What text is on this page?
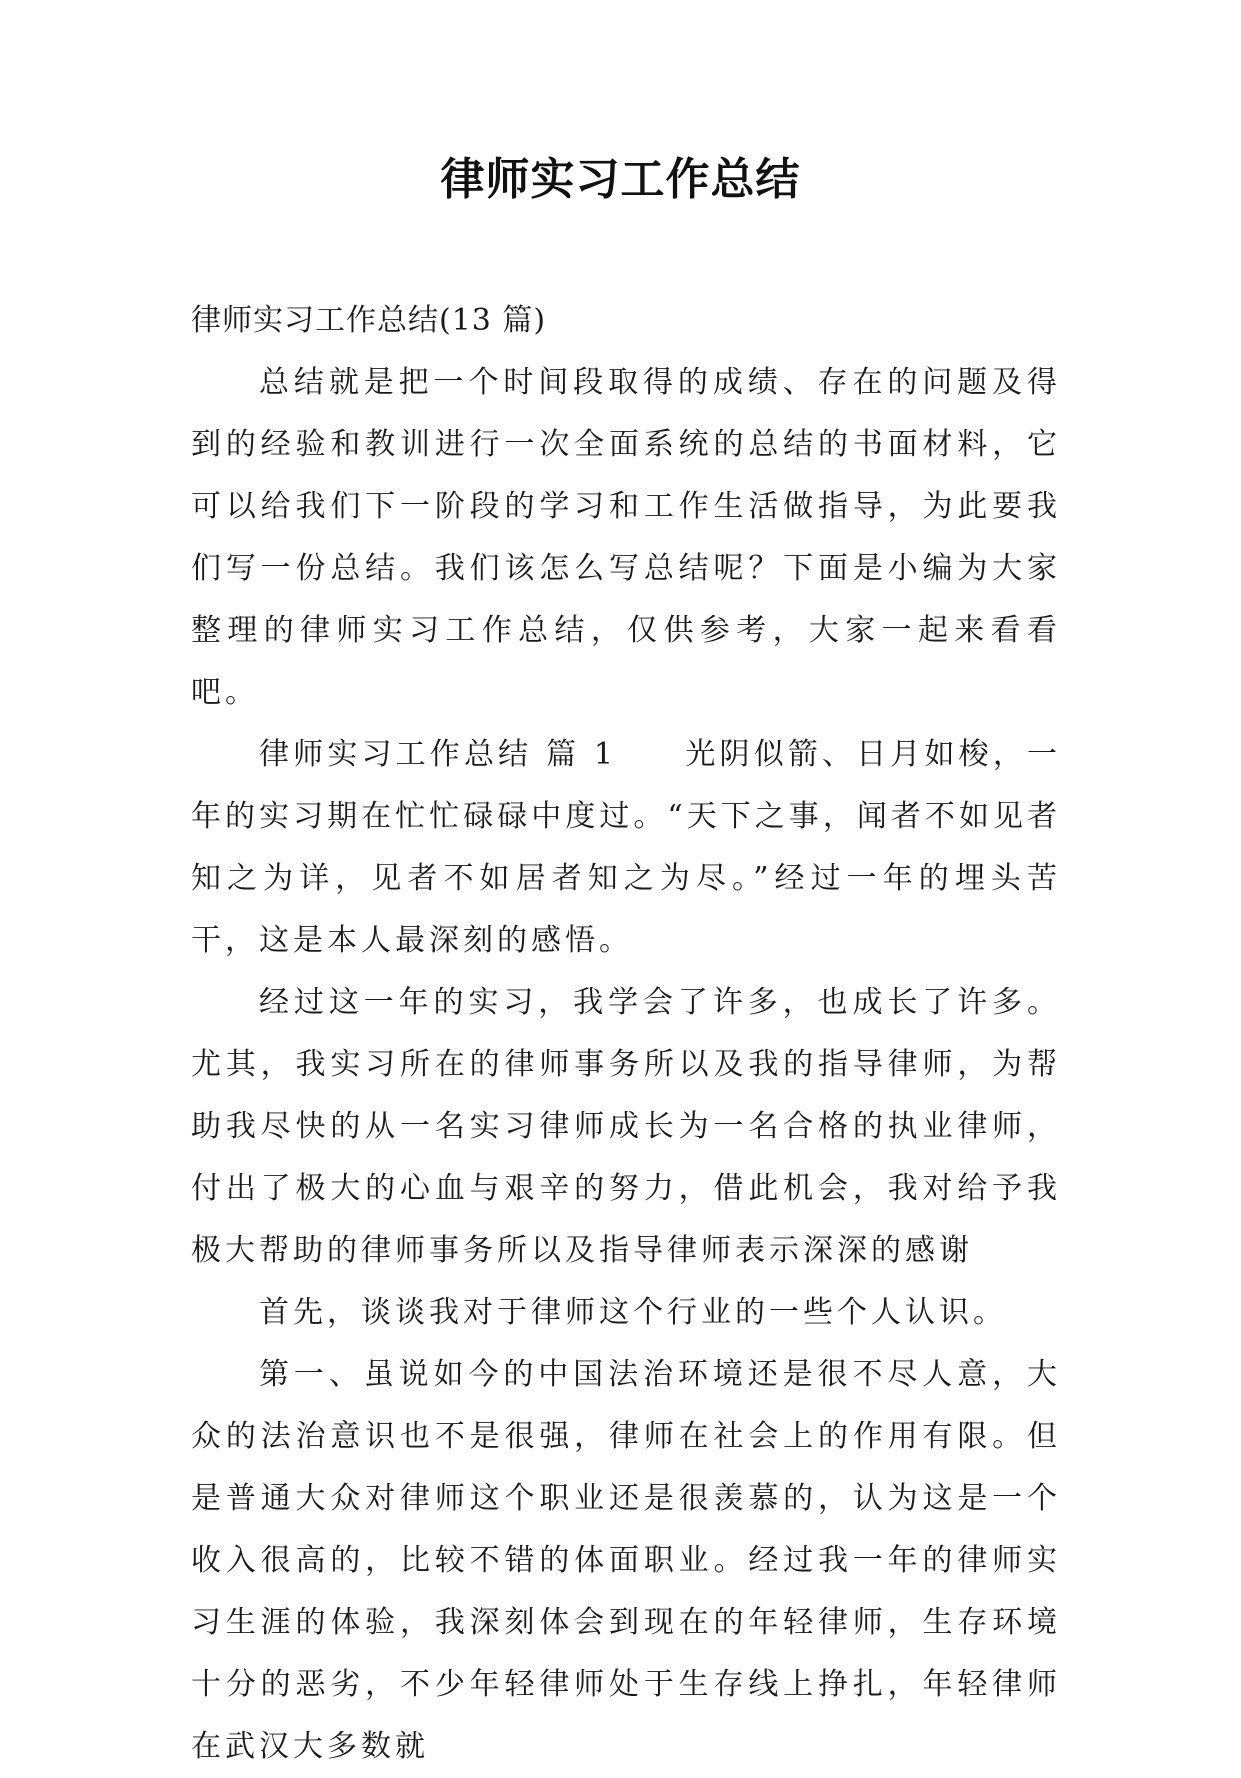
律师实习工作总结

律师实习工作总结(13 篇)

总结就是把一个时间段取得的成绩、存在的问题及得到的经验和教训进行一次全面系统的总结的书面材料，它可以给我们下一阶段的学习和工作生活做指导，为此要我们写一份总结。我们该怎么写总结呢？下面是小编为大家整理的律师实习工作总结，仅供参考，大家一起来看看吧。

律师实习工作总结 篇 1　　光阴似箭、日月如梭，一年的实习期在忙忙碌碌中度过。“天下之事，闻者不如见者知之为详，见者不如居者知之为尽。”经过一年的埋头苦干，这是本人最深刻的感悟。

经过这一年的实习，我学会了许多，也成长了许多。尤其，我实习所在的律师事务所以及我的指导律师，为帮助我尽快的从一名实习律师成长为一名合格的执业律师，付出了极大的心血与艰辛的努力，借此机会，我对给予我极大帮助的律师事务所以及指导律师表示深深的感谢

首先，谈谈我对于律师这个行业的一些个人认识。

第一、虽说如今的中国法治环境还是很不尽人意，大众的法治意识也不是很强，律师在社会上的作用有限。但是普通大众对律师这个职业还是很羡慕的，认为这是一个收入很高的，比较不错的体面职业。经过我一年的律师实习生涯的体验，我深刻体会到现在的年轻律师，生存环境十分的恶劣，不少年轻律师处于生存线上挣扎，年轻律师在武汉大多数就
